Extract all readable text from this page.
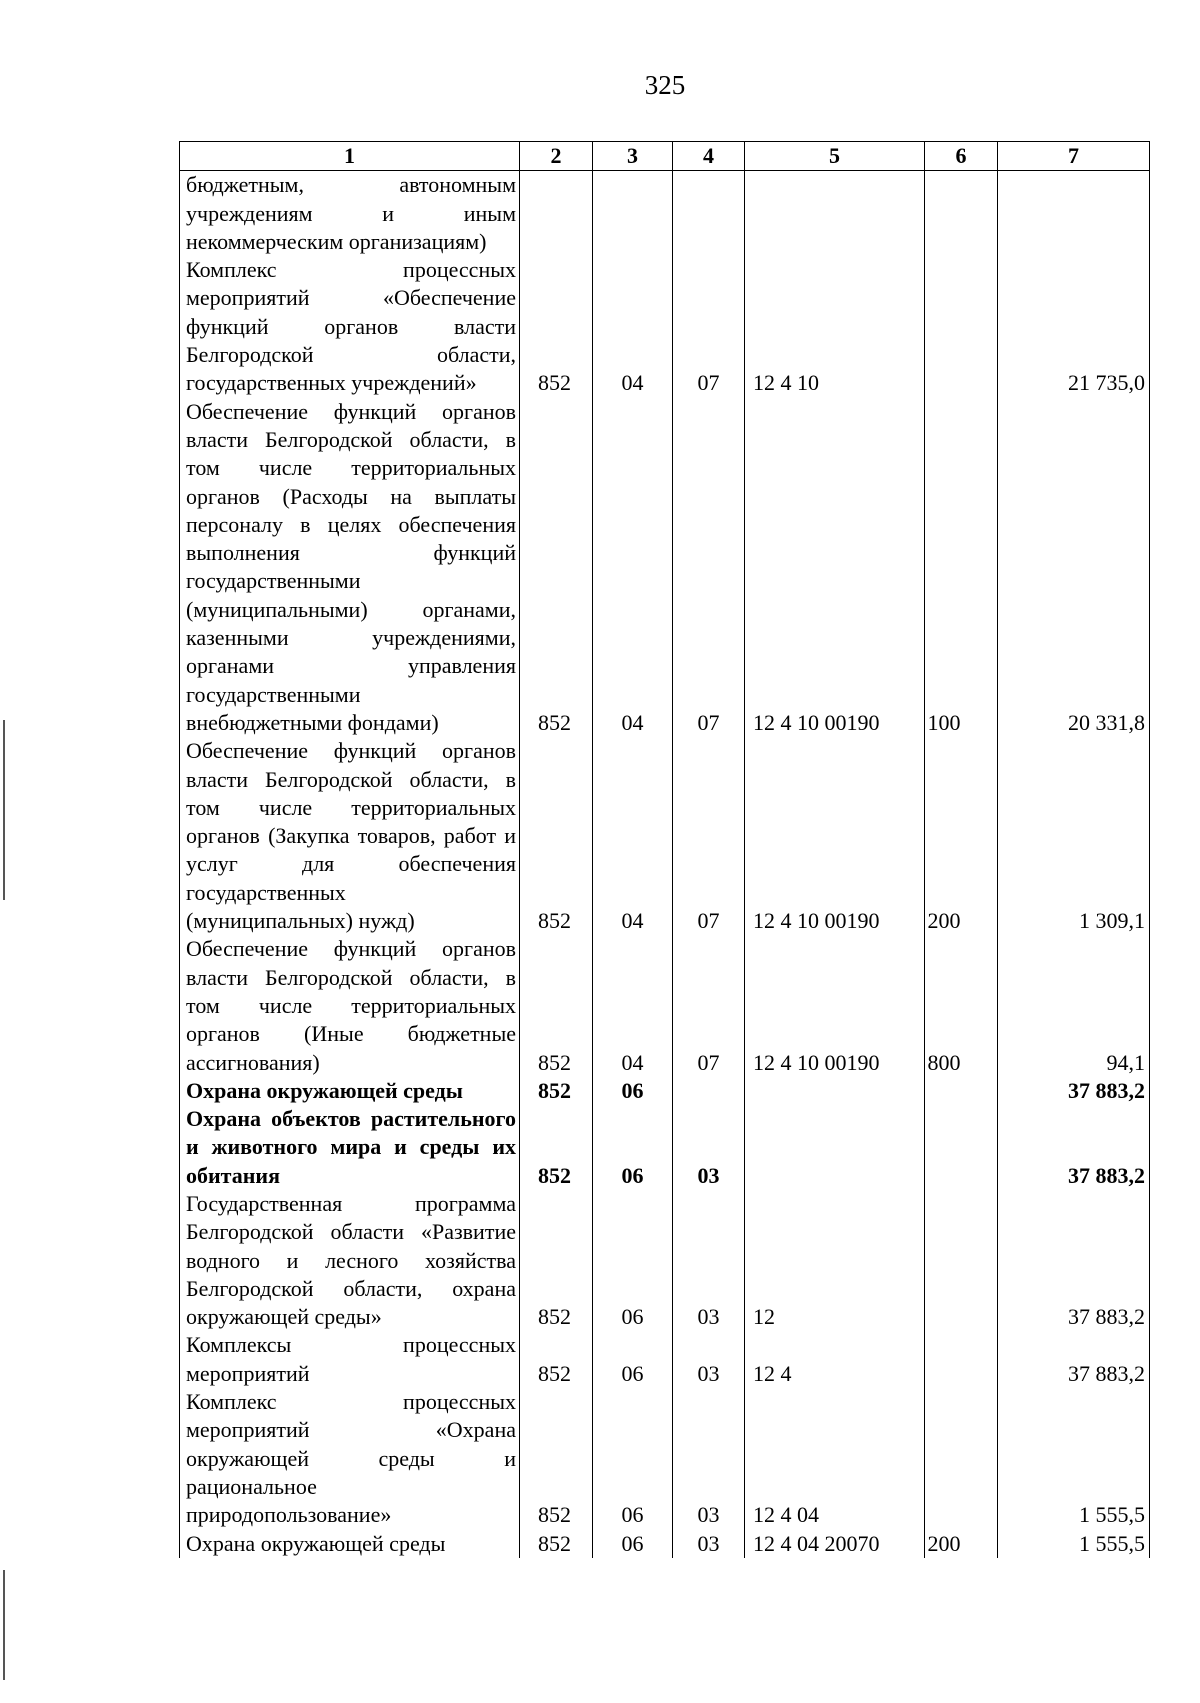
325
1	2	3	4	5	6	7
бюджетным, автономным учреждениям и иным некоммерческим организациям)						
Комплекс процессных мероприятий «Обеспечение функций органов власти Белгородской области, государственных учреждений»	852	04	07	12 4 10		21 735,0
Обеспечение функций органов власти Белгородской области, в том числе территориальных органов (Расходы на выплаты персоналу в целях обеспечения выполнения функций государственными (муниципальными) органами, казенными учреждениями, органами управления государственными внебюджетными фондами)	852	04	07	12 4 10 00190	100	20 331,8
Обеспечение функций органов власти Белгородской области, в том числе территориальных органов (Закупка товаров, работ и услуг для обеспечения государственных (муниципальных) нужд)	852	04	07	12 4 10 00190	200	1 309,1
Обеспечение функций органов власти Белгородской области, в том числе территориальных органов (Иные бюджетные ассигнования)	852	04	07	12 4 10 00190	800	94,1
Охрана окружающей среды	852	06				37 883,2
Охрана объектов растительного и животного мира и среды их обитания	852	06	03			37 883,2
Государственная программа Белгородской области «Развитие водного и лесного хозяйства Белгородской области, охрана окружающей среды»	852	06	03	12		37 883,2
Комплексы процессных мероприятий	852	06	03	12 4		37 883,2
Комплекс процессных мероприятий «Охрана окружающей среды и рациональное природопользование»	852	06	03	12 4 04		1 555,5
Охрана окружающей среды	852	06	03	12 4 04 20070	200	1 555,5
